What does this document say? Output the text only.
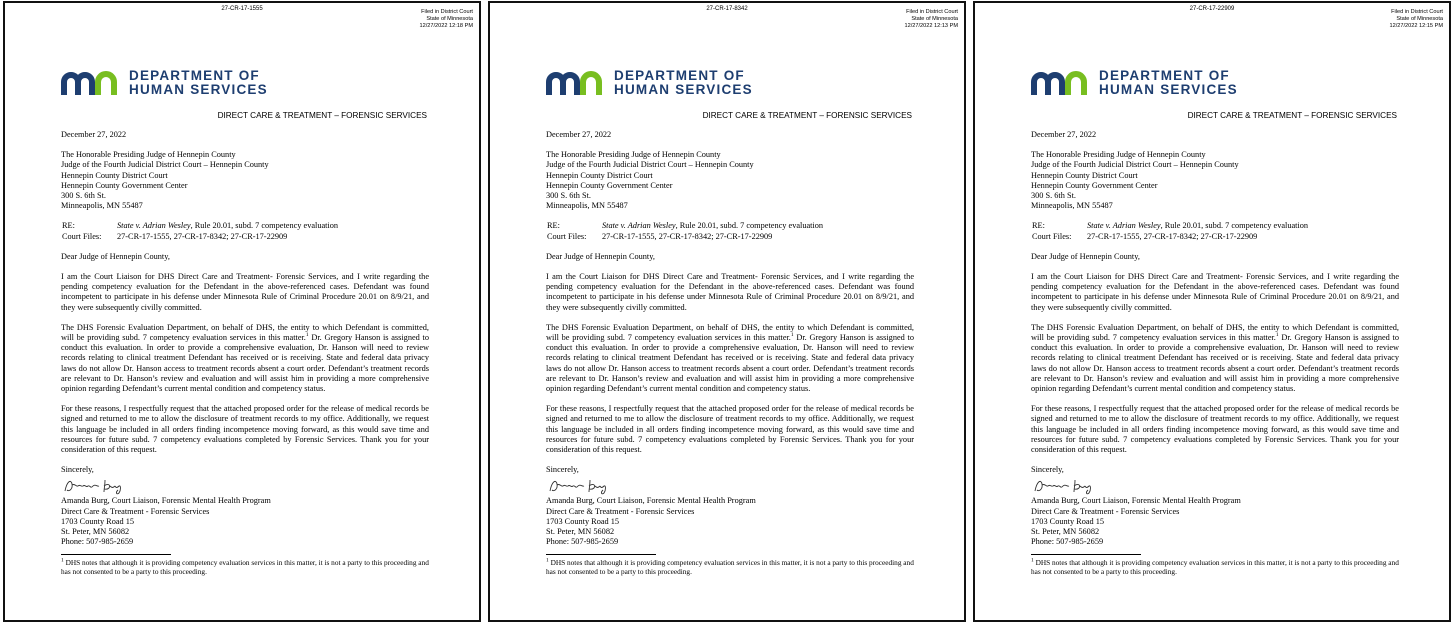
27-CR-17-1555	Filed in District Court
State of Minnesota
12/27/2022 12:18 PM
DEPARTMENT OF
HUMAN SERVICES
DIRECT CARE & TREATMENT – FORENSIC SERVICES

December 27, 2022

The Honorable Presiding Judge of Hennepin County

Judge of the Fourth Judicial District Court – Hennepin County

Hennepin County District Court

Hennepin County Government Center

300 S. 6th St.

Minneapolis, MN 55487

RE:	State v. Adrian Wesley, Rule 20.01, subd. 7 competency evaluation
Court Files:	27-CR-17-1555, 27-CR-17-8342; 27-CR-17-22909

Dear Judge of Hennepin County,

I am the Court Liaison for DHS Direct Care and Treatment- Forensic Services, and I write regarding the pending competency evaluation for the Defendant in the above-referenced cases. Defendant was found incompetent to participate in his defense under Minnesota Rule of Criminal Procedure 20.01 on 8/9/21, and they were subsequently civilly committed.

The DHS Forensic Evaluation Department, on behalf of DHS, the entity to which Defendant is committed, will be providing subd. 7 competency evaluation services in this matter.$^1$ Dr. Gregory Hanson is assigned to conduct this evaluation. In order to provide a comprehensive evaluation, Dr. Hanson will need to review records relating to clinical treatment Defendant has received or is receiving. State and federal data privacy laws do not allow Dr. Hanson access to treatment records absent a court order. Defendant’s treatment records are relevant to Dr. Hanson’s review and evaluation and will assist him in providing a more comprehensive opinion regarding Defendant’s current mental condition and competency status.

For these reasons, I respectfully request that the attached proposed order for the release of medical records be signed and returned to me to allow the disclosure of treatment records to my office. Additionally, we request this language be included in all orders finding incompetence moving forward, as this would save time and resources for future subd. 7 competency evaluations completed by Forensic Services. Thank you for your consideration of this request.

Sincerely,

Amanda Burg, Court Liaison, Forensic Mental Health Program

Direct Care & Treatment - Forensic Services

1703 County Road 15

St. Peter, MN 56082

Phone: 507-985-2659

$^1$ DHS notes that although it is providing competency evaluation services in this matter, it is not a party to this proceeding and has not consented to be a party to this proceeding.

27-CR-17-8342	Filed in District Court
State of Minnesota
12/27/2022 12:13 PM
DEPARTMENT OF
HUMAN SERVICES
DIRECT CARE & TREATMENT – FORENSIC SERVICES

December 27, 2022

The Honorable Presiding Judge of Hennepin County

Judge of the Fourth Judicial District Court – Hennepin County

Hennepin County District Court

Hennepin County Government Center

300 S. 6th St.

Minneapolis, MN 55487

RE:	State v. Adrian Wesley, Rule 20.01, subd. 7 competency evaluation
Court Files:	27-CR-17-1555, 27-CR-17-8342; 27-CR-17-22909

Dear Judge of Hennepin County,

I am the Court Liaison for DHS Direct Care and Treatment- Forensic Services, and I write regarding the pending competency evaluation for the Defendant in the above-referenced cases. Defendant was found incompetent to participate in his defense under Minnesota Rule of Criminal Procedure 20.01 on 8/9/21, and they were subsequently civilly committed.

The DHS Forensic Evaluation Department, on behalf of DHS, the entity to which Defendant is committed, will be providing subd. 7 competency evaluation services in this matter.$^1$ Dr. Gregory Hanson is assigned to conduct this evaluation. In order to provide a comprehensive evaluation, Dr. Hanson will need to review records relating to clinical treatment Defendant has received or is receiving. State and federal data privacy laws do not allow Dr. Hanson access to treatment records absent a court order. Defendant’s treatment records are relevant to Dr. Hanson’s review and evaluation and will assist him in providing a more comprehensive opinion regarding Defendant’s current mental condition and competency status.

For these reasons, I respectfully request that the attached proposed order for the release of medical records be signed and returned to me to allow the disclosure of treatment records to my office. Additionally, we request this language be included in all orders finding incompetence moving forward, as this would save time and resources for future subd. 7 competency evaluations completed by Forensic Services. Thank you for your consideration of this request.

Sincerely,

Amanda Burg, Court Liaison, Forensic Mental Health Program

Direct Care & Treatment - Forensic Services

1703 County Road 15

St. Peter, MN 56082

Phone: 507-985-2659

$^1$ DHS notes that although it is providing competency evaluation services in this matter, it is not a party to this proceeding and has not consented to be a party to this proceeding.

27-CR-17-22909	Filed in District Court
State of Minnesota
12/27/2022 12:15 PM
DEPARTMENT OF
HUMAN SERVICES
DIRECT CARE & TREATMENT – FORENSIC SERVICES

December 27, 2022

The Honorable Presiding Judge of Hennepin County

Judge of the Fourth Judicial District Court – Hennepin County

Hennepin County District Court

Hennepin County Government Center

300 S. 6th St.

Minneapolis, MN 55487

RE:	State v. Adrian Wesley, Rule 20.01, subd. 7 competency evaluation
Court Files:	27-CR-17-1555, 27-CR-17-8342; 27-CR-17-22909

Dear Judge of Hennepin County,

I am the Court Liaison for DHS Direct Care and Treatment- Forensic Services, and I write regarding the pending competency evaluation for the Defendant in the above-referenced cases. Defendant was found incompetent to participate in his defense under Minnesota Rule of Criminal Procedure 20.01 on 8/9/21, and they were subsequently civilly committed.

The DHS Forensic Evaluation Department, on behalf of DHS, the entity to which Defendant is committed, will be providing subd. 7 competency evaluation services in this matter.$^1$ Dr. Gregory Hanson is assigned to conduct this evaluation. In order to provide a comprehensive evaluation, Dr. Hanson will need to review records relating to clinical treatment Defendant has received or is receiving. State and federal data privacy laws do not allow Dr. Hanson access to treatment records absent a court order. Defendant’s treatment records are relevant to Dr. Hanson’s review and evaluation and will assist him in providing a more comprehensive opinion regarding Defendant’s current mental condition and competency status.

For these reasons, I respectfully request that the attached proposed order for the release of medical records be signed and returned to me to allow the disclosure of treatment records to my office. Additionally, we request this language be included in all orders finding incompetence moving forward, as this would save time and resources for future subd. 7 competency evaluations completed by Forensic Services. Thank you for your consideration of this request.

Sincerely,

Amanda Burg, Court Liaison, Forensic Mental Health Program

Direct Care & Treatment - Forensic Services

1703 County Road 15

St. Peter, MN 56082

Phone: 507-985-2659

$^1$ DHS notes that although it is providing competency evaluation services in this matter, it is not a party to this proceeding and has not consented to be a party to this proceeding.
